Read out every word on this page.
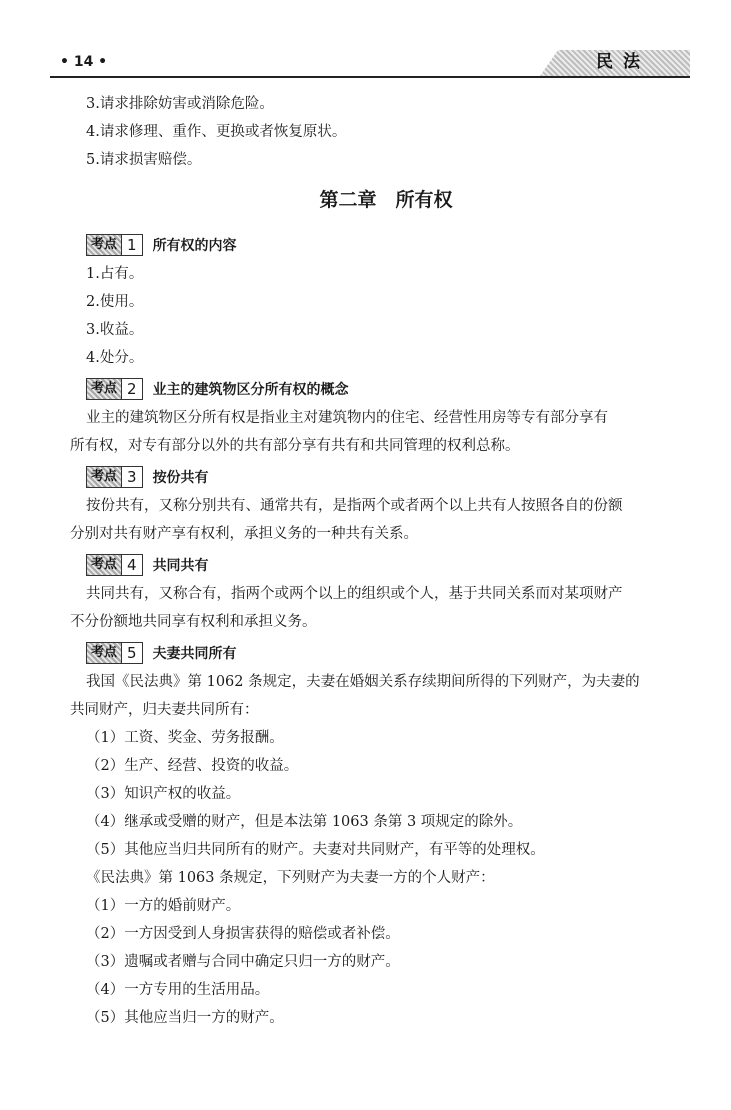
• 14 •	民法
3.请求排除妨害或消除危险。
4.请求修理、重作、更换或者恢复原状。
5.请求损害赔偿。
第二章　所有权
考点 1	所有权的内容
1.占有。
2.使用。
3.收益。
4.处分。
考点 2	业主的建筑物区分所有权的概念
业主的建筑物区分所有权是指业主对建筑物内的住宅、经营性用房等专有部分享有
所有权，对专有部分以外的共有部分享有共有和共同管理的权利总称。
考点 3	按份共有
按份共有，又称分别共有、通常共有，是指两个或者两个以上共有人按照各自的份额
分别对共有财产享有权利，承担义务的一种共有关系。
考点 4	共同共有
共同共有，又称合有，指两个或两个以上的组织或个人，基于共同关系而对某项财产
不分份额地共同享有权利和承担义务。
考点 5	夫妻共同所有
我国《民法典》第 1062 条规定，夫妻在婚姻关系存续期间所得的下列财产，为夫妻的
共同财产，归夫妻共同所有：
（1）工资、奖金、劳务报酬。
（2）生产、经营、投资的收益。
（3）知识产权的收益。
（4）继承或受赠的财产，但是本法第 1063 条第 3 项规定的除外。
（5）其他应当归共同所有的财产。夫妻对共同财产，有平等的处理权。
《民法典》第 1063 条规定，下列财产为夫妻一方的个人财产：
（1）一方的婚前财产。
（2）一方因受到人身损害获得的赔偿或者补偿。
（3）遗嘱或者赠与合同中确定只归一方的财产。
（4）一方专用的生活用品。
（5）其他应当归一方的财产。
